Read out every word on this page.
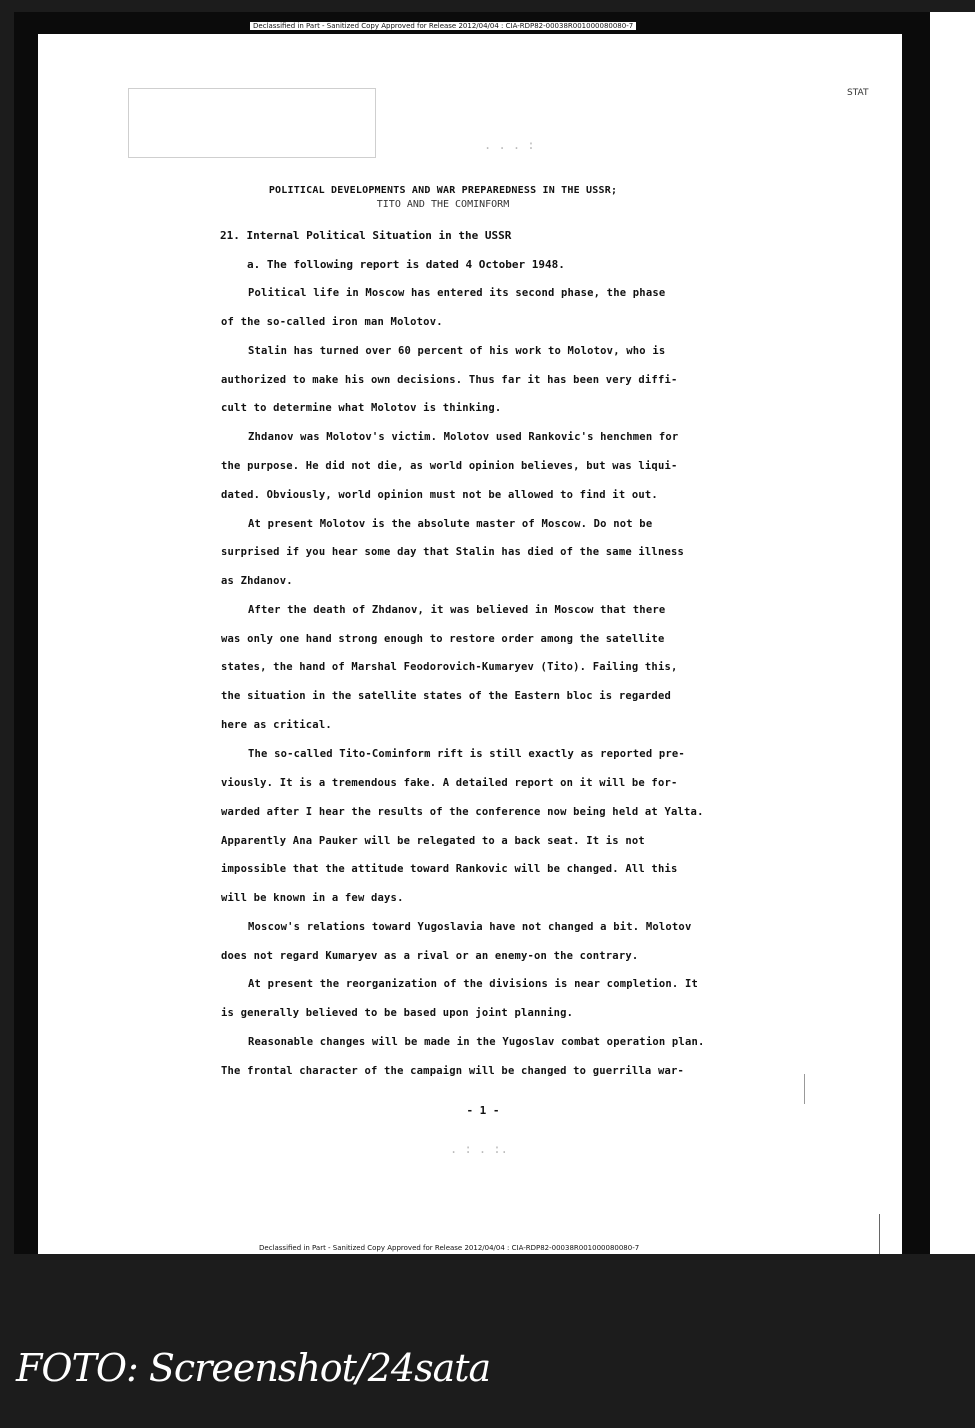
STAT
. . . :
POLITICAL DEVELOPMENTS AND WAR PREPAREDNESS IN THE USSR;
TITO AND THE COMINFORM
21. Internal Political Situation in the USSR
a. The following report is dated 4 October 1948.
Political life in Moscow has entered its second phase, the phase
of the so-called iron man Molotov.
Stalin has turned over 60 percent of his work to Molotov, who is
authorized to make his own decisions. Thus far it has been very diffi-
cult to determine what Molotov is thinking.
Zhdanov was Molotov's victim. Molotov used Rankovic's henchmen for
the purpose. He did not die, as world opinion believes, but was liqui-
dated. Obviously, world opinion must not be allowed to find it out.
At present Molotov is the absolute master of Moscow. Do not be
surprised if you hear some day that Stalin has died of the same illness
as Zhdanov.
After the death of Zhdanov, it was believed in Moscow that there
was only one hand strong enough to restore order among the satellite
states, the hand of Marshal Feodorovich-Kumaryev (Tito). Failing this,
the situation in the satellite states of the Eastern bloc is regarded
here as critical.
The so-called Tito-Cominform rift is still exactly as reported pre-
viously. It is a tremendous fake. A detailed report on it will be for-
warded after I hear the results of the conference now being held at Yalta.
Apparently Ana Pauker will be relegated to a back seat. It is not
impossible that the attitude toward Rankovic will be changed. All this
will be known in a few days.
Moscow's relations toward Yugoslavia have not changed a bit. Molotov
does not regard Kumaryev as a rival or an enemy-on the contrary.
At present the reorganization of the divisions is near completion. It
is generally believed to be based upon joint planning.
Reasonable changes will be made in the Yugoslav combat operation plan.
The frontal character of the campaign will be changed to guerrilla war-
- 1 -
. : . :.
Declassified in Part - Sanitized Copy Approved for Release 2012/04/04 : CIA-RDP82-00038R001000080080-7
Declassified in Part - Sanitized Copy Approved for Release 2012/04/04 : CIA-RDP82-00038R001000080080-7
FOTO: Screenshot/24sata
